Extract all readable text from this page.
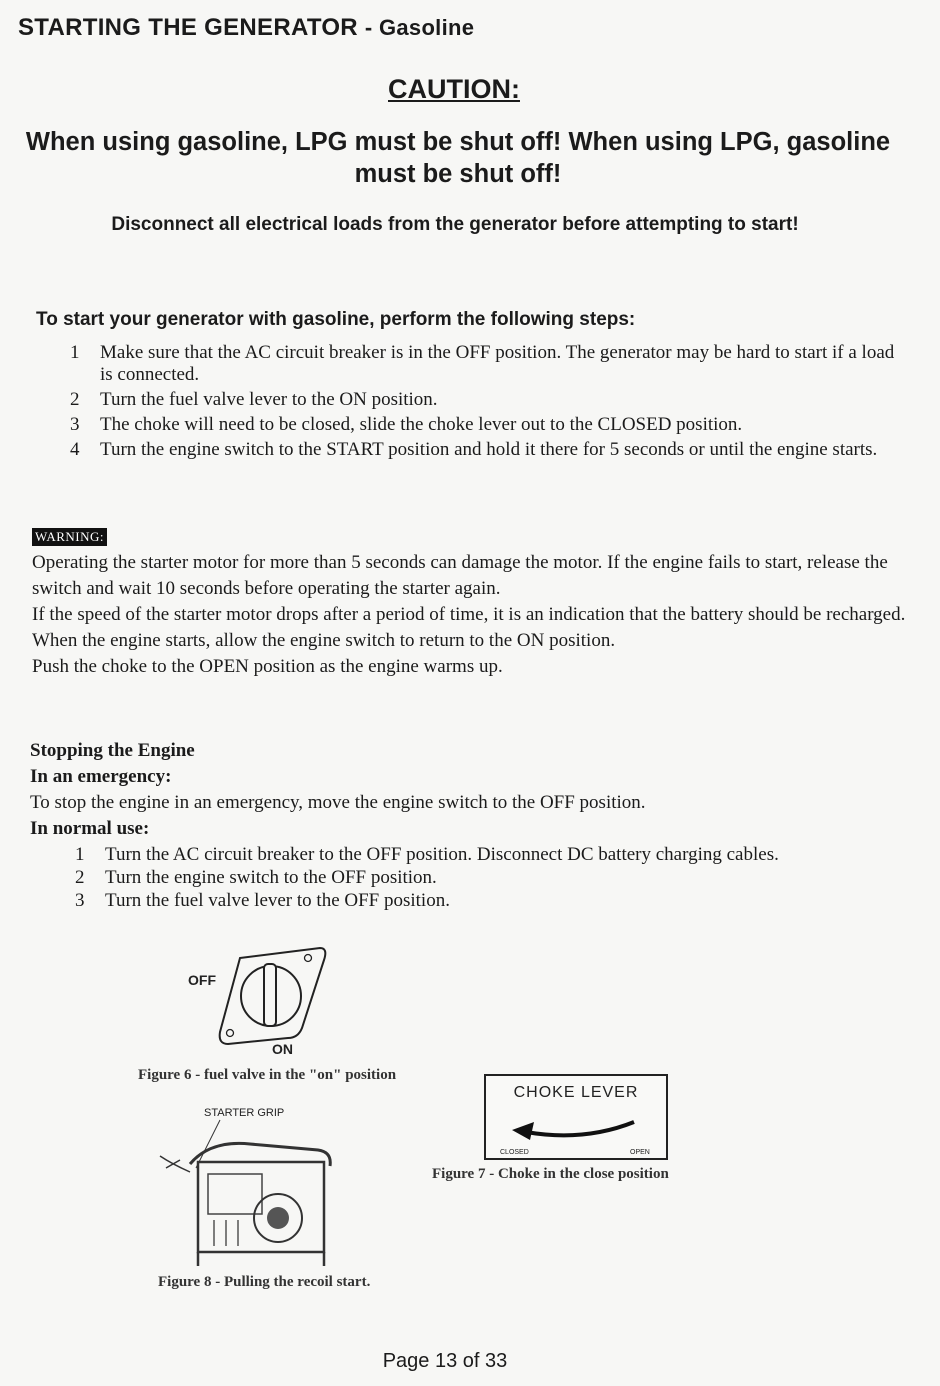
STARTING THE GENERATOR - Gasoline
CAUTION:
When using gasoline, LPG must be shut off! When using LPG, gasoline must be shut off!
Disconnect all electrical loads from the generator before attempting to start!
To start your generator with gasoline, perform the following steps:
1 Make sure that the AC circuit breaker is in the OFF position. The generator may be hard to start if a load is connected.
2 Turn the fuel valve lever to the ON position.
3 The choke will need to be closed, slide the choke lever out to the CLOSED position.
4 Turn the engine switch to the START position and hold it there for 5 seconds or until the engine starts.
WARNING:

Operating the starter motor for more than 5 seconds can damage the motor. If the engine fails to start, release the switch and wait 10 seconds before operating the starter again.

If the speed of the starter motor drops after a period of time, it is an indication that the battery should be recharged.

When the engine starts, allow the engine switch to return to the ON position.

Push the choke to the OPEN position as the engine warms up.

Stopping the Engine

In an emergency:

To stop the engine in an emergency, move the engine switch to the OFF position.

In normal use:

1 Turn the AC circuit breaker to the OFF position. Disconnect DC battery charging cables.
2 Turn the engine switch to the OFF position.
3 Turn the fuel valve lever to the OFF position.
OFF
ON
Figure 6 - fuel valve in the "on" position
CHOKE LEVER
CLOSED	OPEN
Figure 7 - Choke in the close position
STARTER GRIP
Figure 8 - Pulling the recoil start.
Page 13 of 33
